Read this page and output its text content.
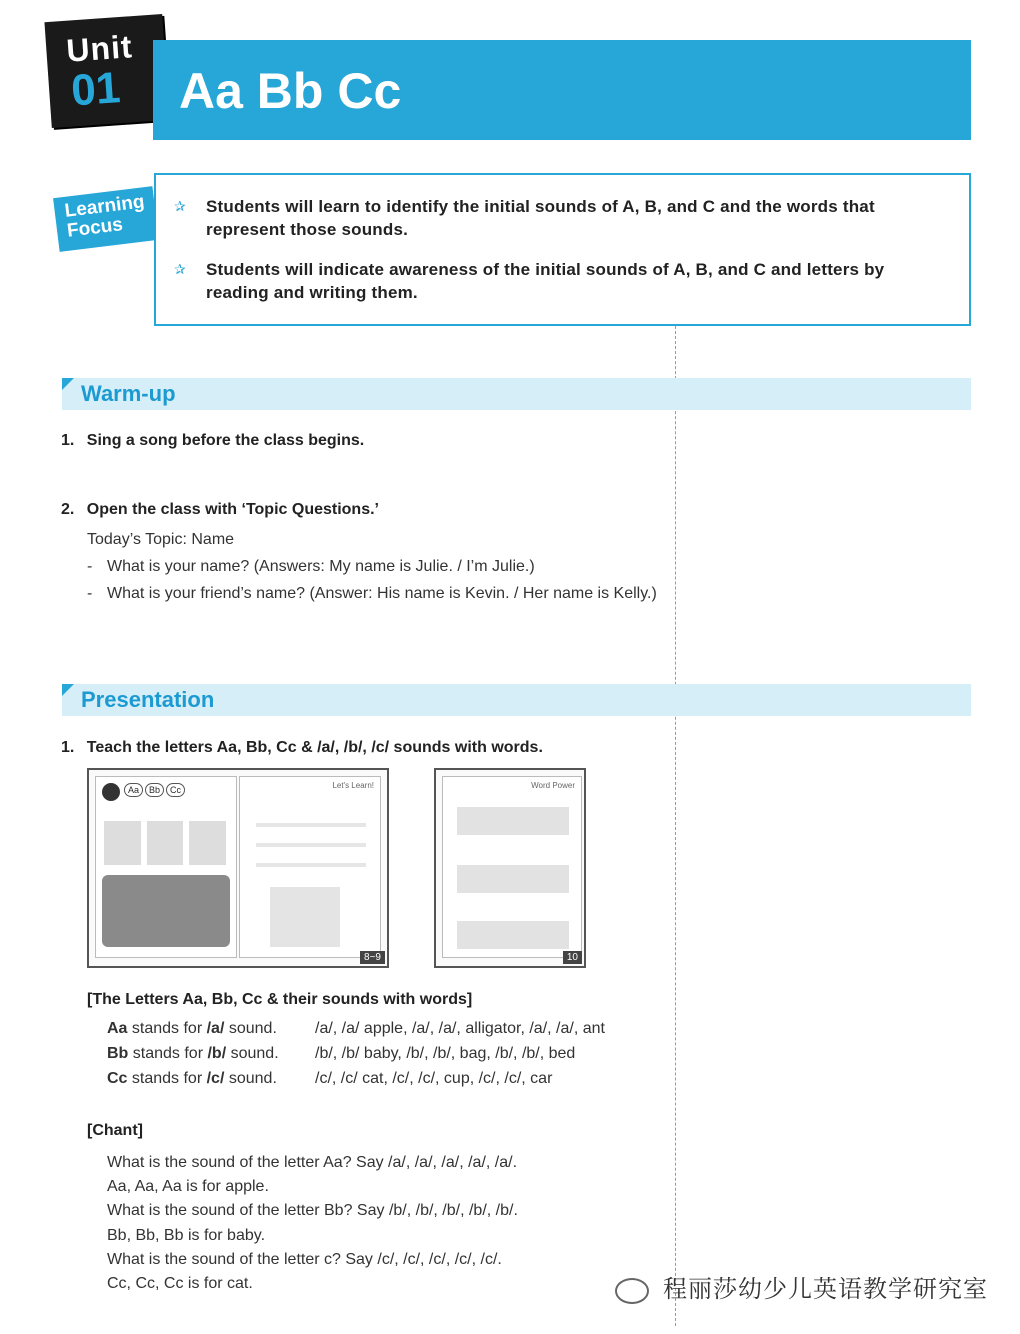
Unit
01 Aa Bb Cc
Learning
Focus
✰ Students will learn to identify the initial sounds of A, B, and C and the words that represent those sounds.
✰ Students will indicate awareness of the initial sounds of A, B, and C and letters by reading and writing them.
Warm-up
1. Sing a song before the class begins.
2. Open the class with ‘Topic Questions.’
Today’s Topic: Name
- What is your name? (Answers: My name is Julie. / I’m Julie.)
- What is your friend’s name? (Answer: His name is Kevin. / Her name is Kelly.)
Presentation
1. Teach the letters Aa, Bb, Cc & /a/, /b/, /c/ sounds with words.
Aa	Bb	Cc	Let's Learn!
8~9
Word Power
10
[The Letters Aa, Bb, Cc & their sounds with words]
Aa stands for /a/ sound.	/a/, /a/ apple, /a/, /a/, alligator, /a/, /a/, ant
Bb stands for /b/ sound.	/b/, /b/ baby, /b/, /b/, bag, /b/, /b/, bed
Cc stands for /c/ sound.	/c/, /c/ cat, /c/, /c/, cup, /c/, /c/, car
[Chant]
What is the sound of the letter Aa? Say /a/, /a/, /a/, /a/, /a/.
Aa, Aa, Aa is for apple.
What is the sound of the letter Bb? Say /b/, /b/, /b/, /b/, /b/.
Bb, Bb, Bb is for baby.
What is the sound of the letter c? Say /c/, /c/, /c/, /c/, /c/.
Cc, Cc, Cc is for cat.	程丽莎幼少儿英语教学研究室
